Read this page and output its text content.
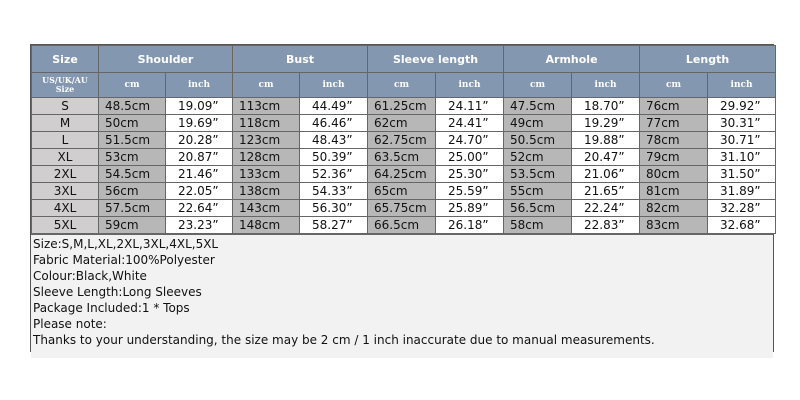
Size	Shoulder		Bust		Sleeve length		Armhole		Length	
US/UK/AU Size	cm	inch	cm	inch	cm	inch	cm	inch	cm	inch
S	48.5cm	19.09”	113cm	44.49”	61.25cm	24.11”	47.5cm	18.70”	76cm	29.92”
M	50cm	19.69”	118cm	46.46”	62cm	24.41”	49cm	19.29”	77cm	30.31”
L	51.5cm	20.28”	123cm	48.43”	62.75cm	24.70”	50.5cm	19.88”	78cm	30.71”
XL	53cm	20.87”	128cm	50.39”	63.5cm	25.00”	52cm	20.47”	79cm	31.10”
2XL	54.5cm	21.46”	133cm	52.36”	64.25cm	25.30”	53.5cm	21.06”	80cm	31.50”
3XL	56cm	22.05”	138cm	54.33”	65cm	25.59”	55cm	21.65”	81cm	31.89”
4XL	57.5cm	22.64”	143cm	56.30”	65.75cm	25.89”	56.5cm	22.24”	82cm	32.28”
5XL	59cm	23.23”	148cm	58.27”	66.5cm	26.18”	58cm	22.83”	83cm	32.68”
Size:S,M,L,XL,2XL,3XL,4XL,5XL
Fabric Material:100%Polyester
Colour:Black,White
Sleeve Length:Long Sleeves
Package Included:1 * Tops
Please note:
Thanks to your understanding, the size may be 2 cm / 1 inch inaccurate due to manual measurements.
